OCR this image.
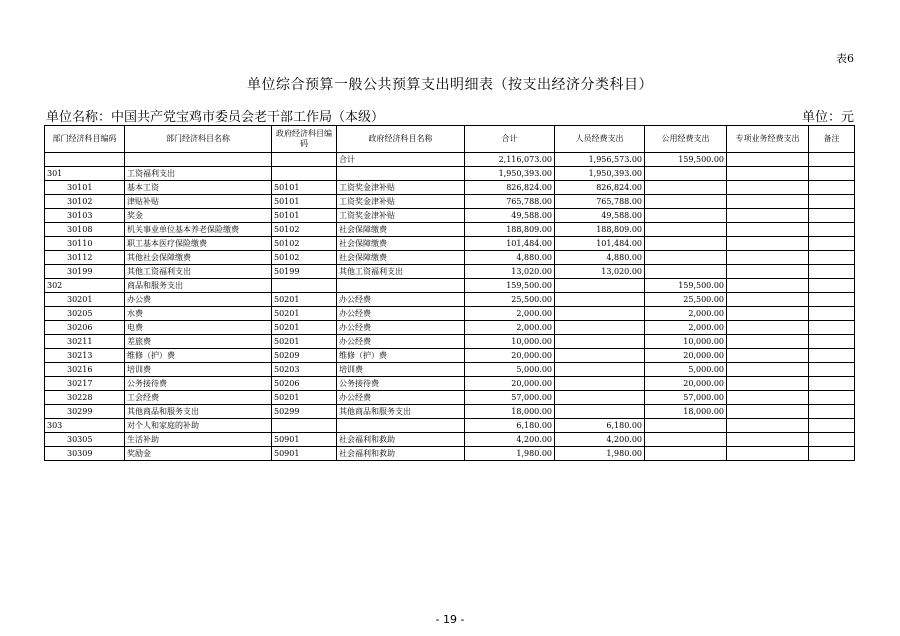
表6
单位综合预算一般公共预算支出明细表（按支出经济分类科目）
单位名称：中国共产党宝鸡市委员会老干部工作局（本级）	单位：元
部门经济科目编码	部门经济科目名称	政府经济科目编码	政府经济科目名称	合计	人员经费支出	公用经费支出	专项业务经费支出	备注
			合计	2,116,073.00	1,956,573.00	159,500.00		
301	工资福利支出			1,950,393.00	1,950,393.00			
30101	基本工资	50101	工资奖金津补贴	826,824.00	826,824.00			
30102	津贴补贴	50101	工资奖金津补贴	765,788.00	765,788.00			
30103	奖金	50101	工资奖金津补贴	49,588.00	49,588.00			
30108	机关事业单位基本养老保险缴费	50102	社会保障缴费	188,809.00	188,809.00			
30110	职工基本医疗保险缴费	50102	社会保障缴费	101,484.00	101,484.00			
30112	其他社会保障缴费	50102	社会保障缴费	4,880.00	4,880.00			
30199	其他工资福利支出	50199	其他工资福利支出	13,020.00	13,020.00			
302	商品和服务支出			159,500.00		159,500.00		
30201	办公费	50201	办公经费	25,500.00		25,500.00		
30205	水费	50201	办公经费	2,000.00		2,000.00		
30206	电费	50201	办公经费	2,000.00		2,000.00		
30211	差旅费	50201	办公经费	10,000.00		10,000.00		
30213	维修（护）费	50209	维修（护）费	20,000.00		20,000.00		
30216	培训费	50203	培训费	5,000.00		5,000.00		
30217	公务接待费	50206	公务接待费	20,000.00		20,000.00		
30228	工会经费	50201	办公经费	57,000.00		57,000.00		
30299	其他商品和服务支出	50299	其他商品和服务支出	18,000.00		18,000.00		
303	对个人和家庭的补助			6,180.00	6,180.00			
30305	生活补助	50901	社会福利和救助	4,200.00	4,200.00			
30309	奖励金	50901	社会福利和救助	1,980.00	1,980.00			
- 19 -
